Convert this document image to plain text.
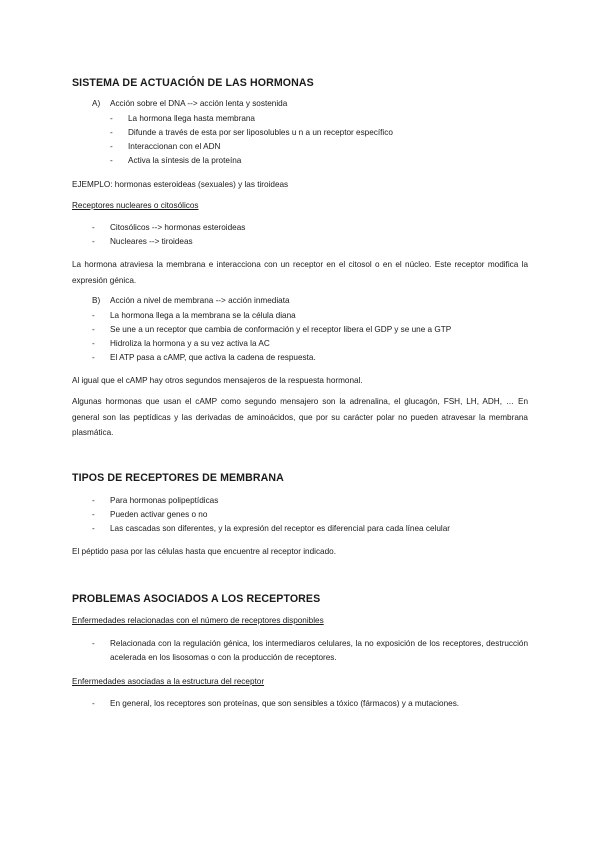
SISTEMA DE ACTUACIÓN DE LAS HORMONAS
A) Acción sobre el DNA --> acción lenta y sostenida
- La hormona llega hasta membrana
- Difunde a través de esta por ser liposolubles u n a un receptor específico
- Interaccionan con el ADN
- Activa la síntesis de la proteína
EJEMPLO: hormonas esteroideas (sexuales) y las tiroideas
Receptores nucleares o citosólicos
- Citosólicos --> hormonas esteroideas
- Nucleares --> tiroideas
La hormona atraviesa la membrana e interacciona con un receptor en el citosol o en el núcleo. Este receptor modifica la expresión génica.
B) Acción a nivel de membrana --> acción inmediata
- La hormona llega a la membrana se la célula diana
- Se une a un receptor que cambia de conformación y el receptor libera el GDP y se une a GTP
- Hidroliza la hormona y a su vez activa la AC
- El ATP pasa a cAMP, que activa la cadena de respuesta.
Al igual que el cAMP hay otros segundos mensajeros de la respuesta hormonal.
Algunas hormonas que usan el cAMP como segundo mensajero son la adrenalina, el glucagón, FSH, LH, ADH, … En general son las peptídicas y las derivadas de aminoácidos, que por su carácter polar no pueden atravesar la membrana plasmática.
TIPOS DE RECEPTORES DE MEMBRANA
- Para hormonas polipeptídicas
- Pueden activar genes o no
- Las cascadas son diferentes, y la expresión del receptor es diferencial para cada línea celular
El péptido pasa por las células hasta que encuentre al receptor indicado.
PROBLEMAS ASOCIADOS A LOS RECEPTORES
Enfermedades relacionadas con el número de receptores disponibles
- Relacionada con la regulación génica, los intermediaros celulares, la no exposición de los receptores, destrucción acelerada en los lisosomas o con la producción de receptores.
Enfermedades asociadas a la estructura del receptor
- En general, los receptores son proteínas, que son sensibles a tóxico (fármacos) y a mutaciones.
